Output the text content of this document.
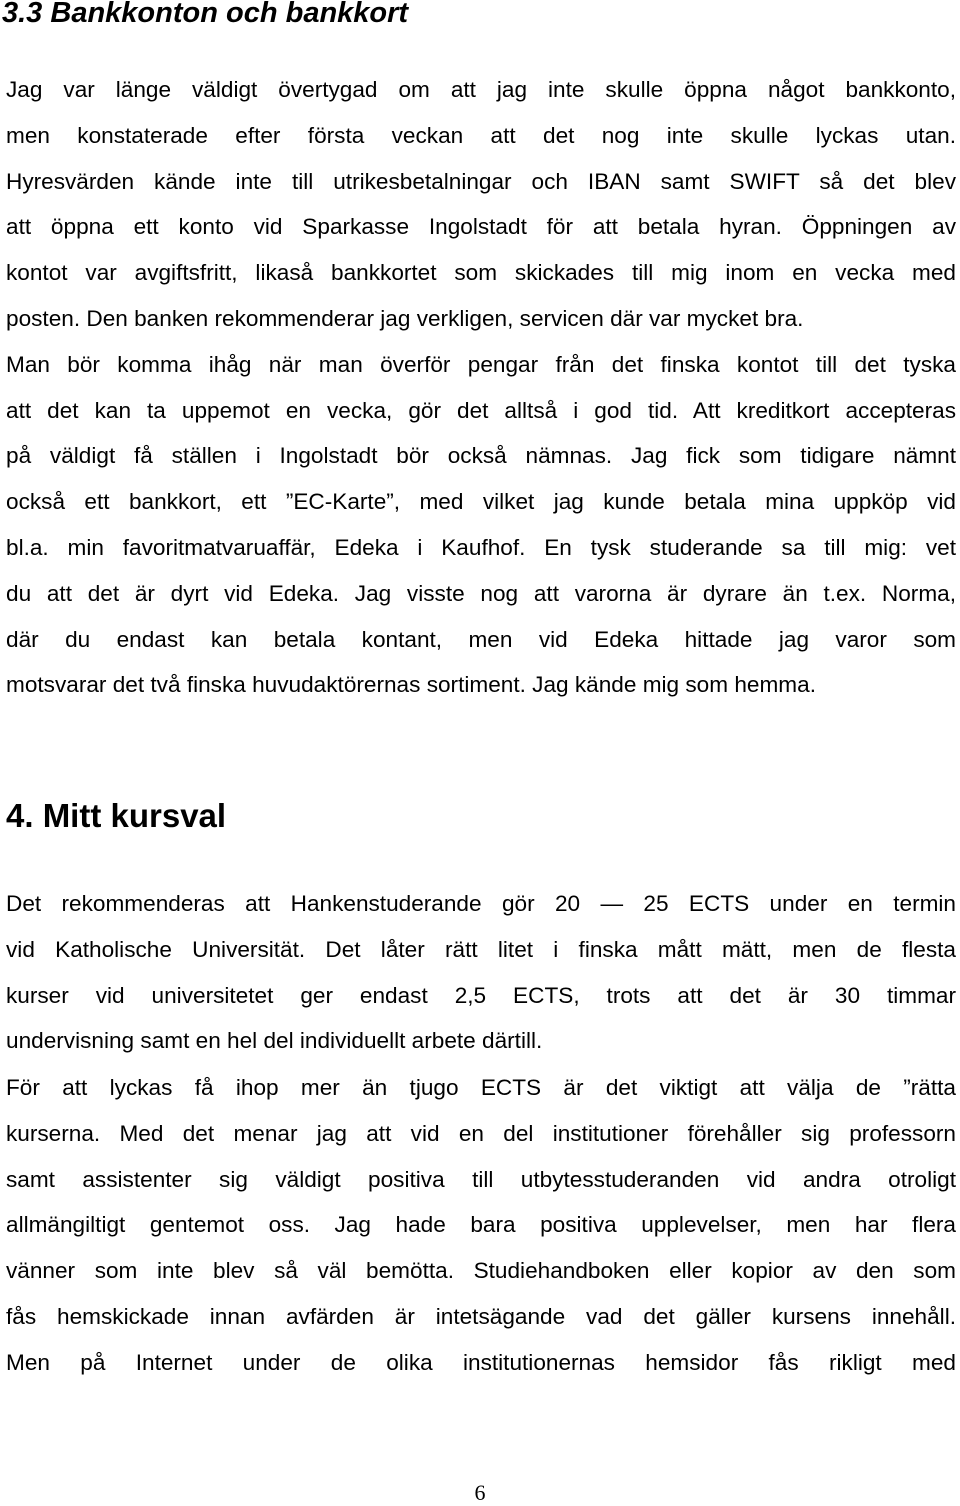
3.3 Bankkonton och bankkort
Jag var länge väldigt övertygad om att jag inte skulle öppna något bankkonto,
men konstaterade efter första veckan att det nog inte skulle lyckas utan.
Hyresvärden kände inte till utrikesbetalningar och IBAN samt SWIFT så det blev
att öppna ett konto vid Sparkasse Ingolstadt för att betala hyran. Öppningen av
kontot var avgiftsfritt, likaså bankkortet som skickades till mig inom en vecka med
posten. Den banken rekommenderar jag verkligen, servicen där var mycket bra.
Man bör komma ihåg när man överför pengar från det finska kontot till det tyska
att det kan ta uppemot en vecka, gör det alltså i god tid. Att kreditkort accepteras
på väldigt få ställen i Ingolstadt bör också nämnas. Jag fick som tidigare nämnt
också ett bankkort, ett ”EC-Karte”, med vilket jag kunde betala mina uppköp vid
bl.a. min favoritmatvaruaffär, Edeka i Kaufhof. En tysk studerande sa till mig: vet
du att det är dyrt vid Edeka. Jag visste nog att varorna är dyrare än t.ex. Norma,
där du endast kan betala kontant, men vid Edeka hittade jag varor som
motsvarar det två finska huvudaktörernas sortiment. Jag kände mig som hemma.
4. Mitt kursval
Det rekommenderas att Hankenstuderande gör 20 — 25 ECTS under en termin
vid Katholische Universität. Det låter rätt litet i finska mått mätt, men de flesta
kurser vid universitetet ger endast 2,5 ECTS, trots att det är 30 timmar
undervisning samt en hel del individuellt arbete därtill.
För att lyckas få ihop mer än tjugo ECTS är det viktigt att välja de ”rätta
kurserna. Med det menar jag att vid en del institutioner förehåller sig professorn
samt assistenter sig väldigt positiva till utbytesstuderanden vid andra otroligt
allmängiltigt gentemot oss. Jag hade bara positiva upplevelser, men har flera
vänner som inte blev så väl bemötta. Studiehandboken eller kopior av den som
fås hemskickade innan avfärden är intetsägande vad det gäller kursens innehåll.
Men på Internet under de olika institutionernas hemsidor fås rikligt med
6
